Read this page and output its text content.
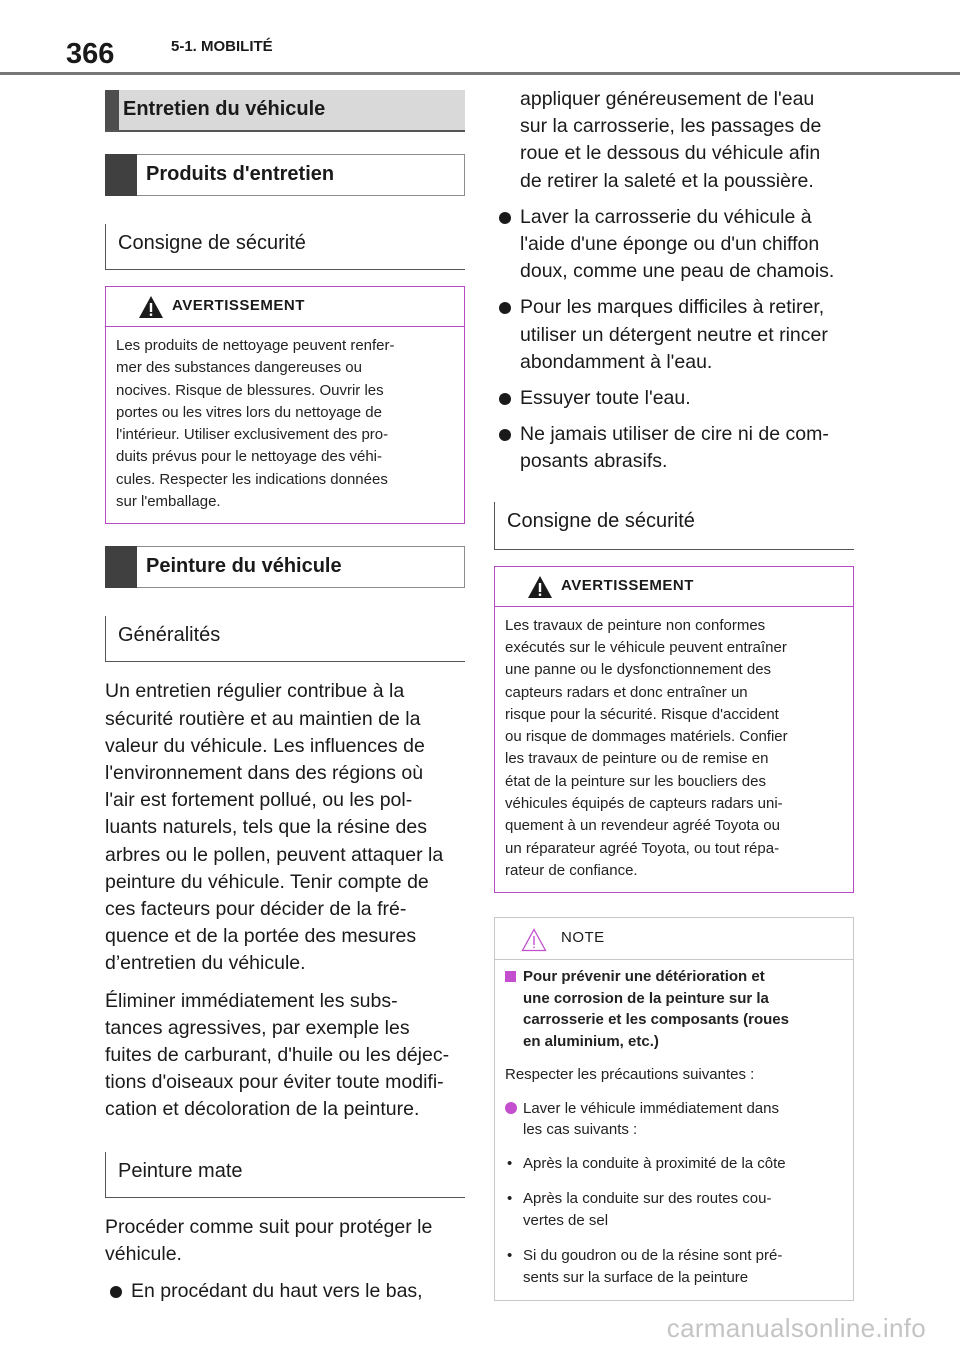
366	5-1. MOBILITÉ
Entretien du véhicule
Produits d'entretien
Consigne de sécurité
AVERTISSEMENT
Les produits de nettoyage peuvent renfer-
mer des substances dangereuses ou
nocives. Risque de blessures. Ouvrir les
portes ou les vitres lors du nettoyage de
l'intérieur. Utiliser exclusivement des pro-
duits prévus pour le nettoyage des véhi-
cules. Respecter les indications données
sur l'emballage.
Peinture du véhicule
Généralités
Un entretien régulier contribue à la
sécurité routière et au maintien de la
valeur du véhicule. Les influences de
l'environnement dans des régions où
l'air est fortement pollué, ou les pol-
luants naturels, tels que la résine des
arbres ou le pollen, peuvent attaquer la
peinture du véhicule. Tenir compte de
ces facteurs pour décider de la fré-
quence et de la portée des mesures
d’entretien du véhicule.
Éliminer immédiatement les subs-
tances agressives, par exemple les
fuites de carburant, d'huile ou les déjec-
tions d'oiseaux pour éviter toute modifi-
cation et décoloration de la peinture.
Peinture mate
Procéder comme suit pour protéger le
véhicule.
En procédant du haut vers le bas,
appliquer généreusement de l'eau
sur la carrosserie, les passages de
roue et le dessous du véhicule afin
de retirer la saleté et la poussière.
Laver la carrosserie du véhicule à
l'aide d'une éponge ou d'un chiffon
doux, comme une peau de chamois.
Pour les marques difficiles à retirer,
utiliser un détergent neutre et rincer
abondamment à l'eau.
Essuyer toute l'eau.
Ne jamais utiliser de cire ni de com-
posants abrasifs.
Consigne de sécurité
AVERTISSEMENT
Les travaux de peinture non conformes
exécutés sur le véhicule peuvent entraîner
une panne ou le dysfonctionnement des
capteurs radars et donc entraîner un
risque pour la sécurité. Risque d'accident
ou risque de dommages matériels. Confier
les travaux de peinture ou de remise en
état de la peinture sur les boucliers des
véhicules équipés de capteurs radars uni-
quement à un revendeur agréé Toyota ou
un réparateur agréé Toyota, ou tout répa-
rateur de confiance.
NOTE
Pour prévenir une détérioration et
une corrosion de la peinture sur la
carrosserie et les composants (roues
en aluminium, etc.)
Respecter les précautions suivantes :
Laver le véhicule immédiatement dans
les cas suivants :
• Après la conduite à proximité de la côte
• Après la conduite sur des routes cou-
vertes de sel
• Si du goudron ou de la résine sont pré-
sents sur la surface de la peinture
carmanualsonline.info
